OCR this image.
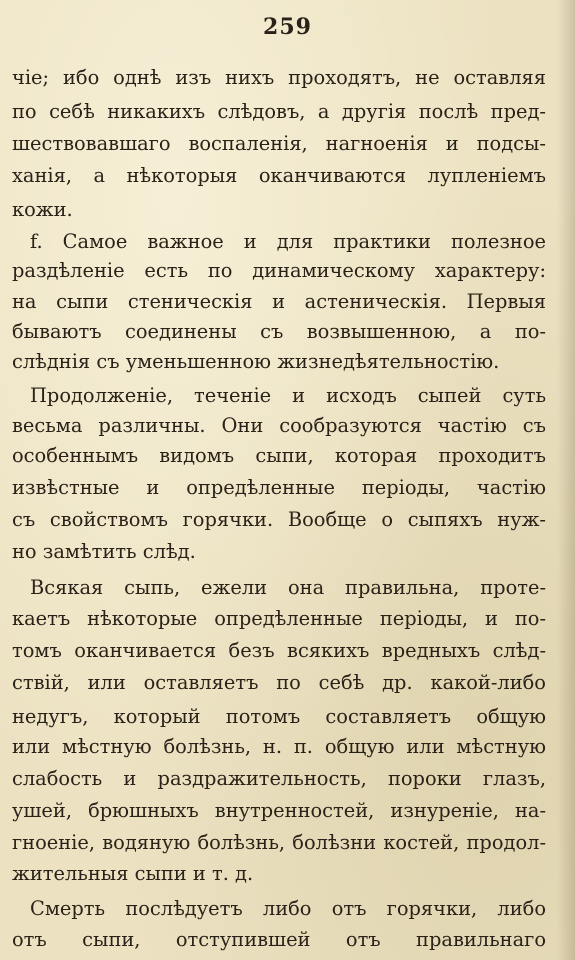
259
чіе; ибо однѣ изъ нихъ проходятъ, не оставляя
по себѣ никакихъ слѣдовъ, а другія послѣ пред-
шествовавшаго воспаленія, нагноенія и подсы-
ханія, а нѣкоторыя оканчиваются лупленіемъ
кожи.
f. Самое важное и для практики полезное
раздѣленіе есть по динамическому характеру:
на сыпи стеническія и астеническія. Первыя
бываютъ соединены съ возвышенною, а по-
слѣднія съ уменьшенною жизнедѣятельностію.
Продолженіе, теченіе и исходъ сыпей суть
весьма различны. Они сообразуются частію съ
особеннымъ видомъ сыпи, которая проходитъ
извѣстные и опредѣленные періоды, частію
съ свойствомъ горячки. Вообще о сыпяхъ нуж-
но замѣтить слѣд.
Всякая сыпь, ежели она правильна, проте-
каетъ нѣкоторые опредѣленные періоды, и по-
томъ оканчивается безъ всякихъ вредныхъ слѣд-
ствій, или оставляетъ по себѣ др. какой-либо
недугъ, который потомъ составляетъ общую
или мѣстную болѣзнь, н. п. общую или мѣстную
слабость и раздражительность, пороки глазъ,
ушей, брюшныхъ внутренностей, изнуреніе, на-
гноеніе, водяную болѣзнь, болѣзни костей, продол-
жительныя сыпи и т. д.
Смерть послѣдуетъ либо отъ горячки, либо
отъ сыпи, отступившей отъ правильнаго
